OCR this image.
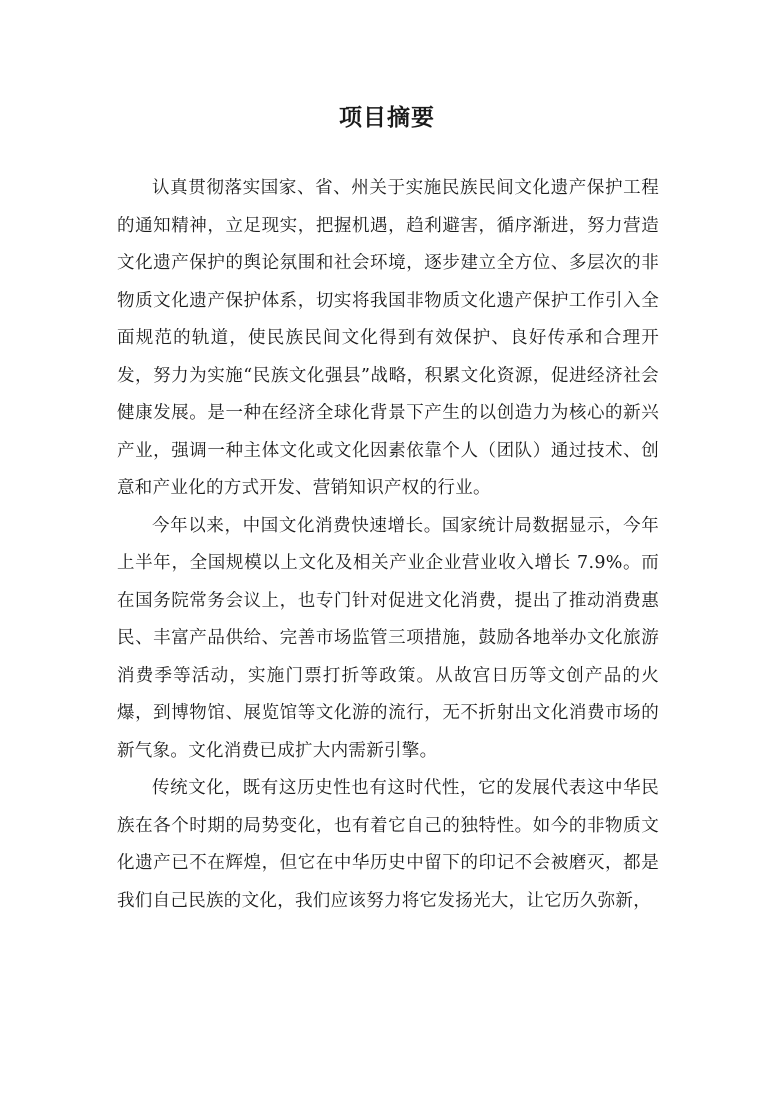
项目摘要

认真贯彻落实国家、省、州关于实施民族民间文化遗产保护工程的通知精神，立足现实，把握机遇，趋利避害，循序渐进，努力营造文化遗产保护的舆论氛围和社会环境，逐步建立全方位、多层次的非物质文化遗产保护体系，切实将我国非物质文化遗产保护工作引入全面规范的轨道，使民族民间文化得到有效保护、良好传承和合理开发，努力为实施“民族文化强县”战略，积累文化资源，促进经济社会健康发展。是一种在经济全球化背景下产生的以创造力为核心的新兴产业，强调一种主体文化或文化因素依靠个人（团队）通过技术、创意和产业化的方式开发、营销知识产权的行业。

今年以来，中国文化消费快速增长。国家统计局数据显示，今年上半年，全国规模以上文化及相关产业企业营业收入增长 7.9%。而在国务院常务会议上，也专门针对促进文化消费，提出了推动消费惠民、丰富产品供给、完善市场监管三项措施，鼓励各地举办文化旅游消费季等活动，实施门票打折等政策。从故宫日历等文创产品的火爆，到博物馆、展览馆等文化游的流行，无不折射出文化消费市场的新气象。文化消费已成扩大内需新引擎。

传统文化，既有这历史性也有这时代性，它的发展代表这中华民族在各个时期的局势变化，也有着它自己的独特性。如今的非物质文化遗产已不在辉煌，但它在中华历史中留下的印记不会被磨灭，都是我们自己民族的文化，我们应该努力将它发扬光大，让它历久弥新，
